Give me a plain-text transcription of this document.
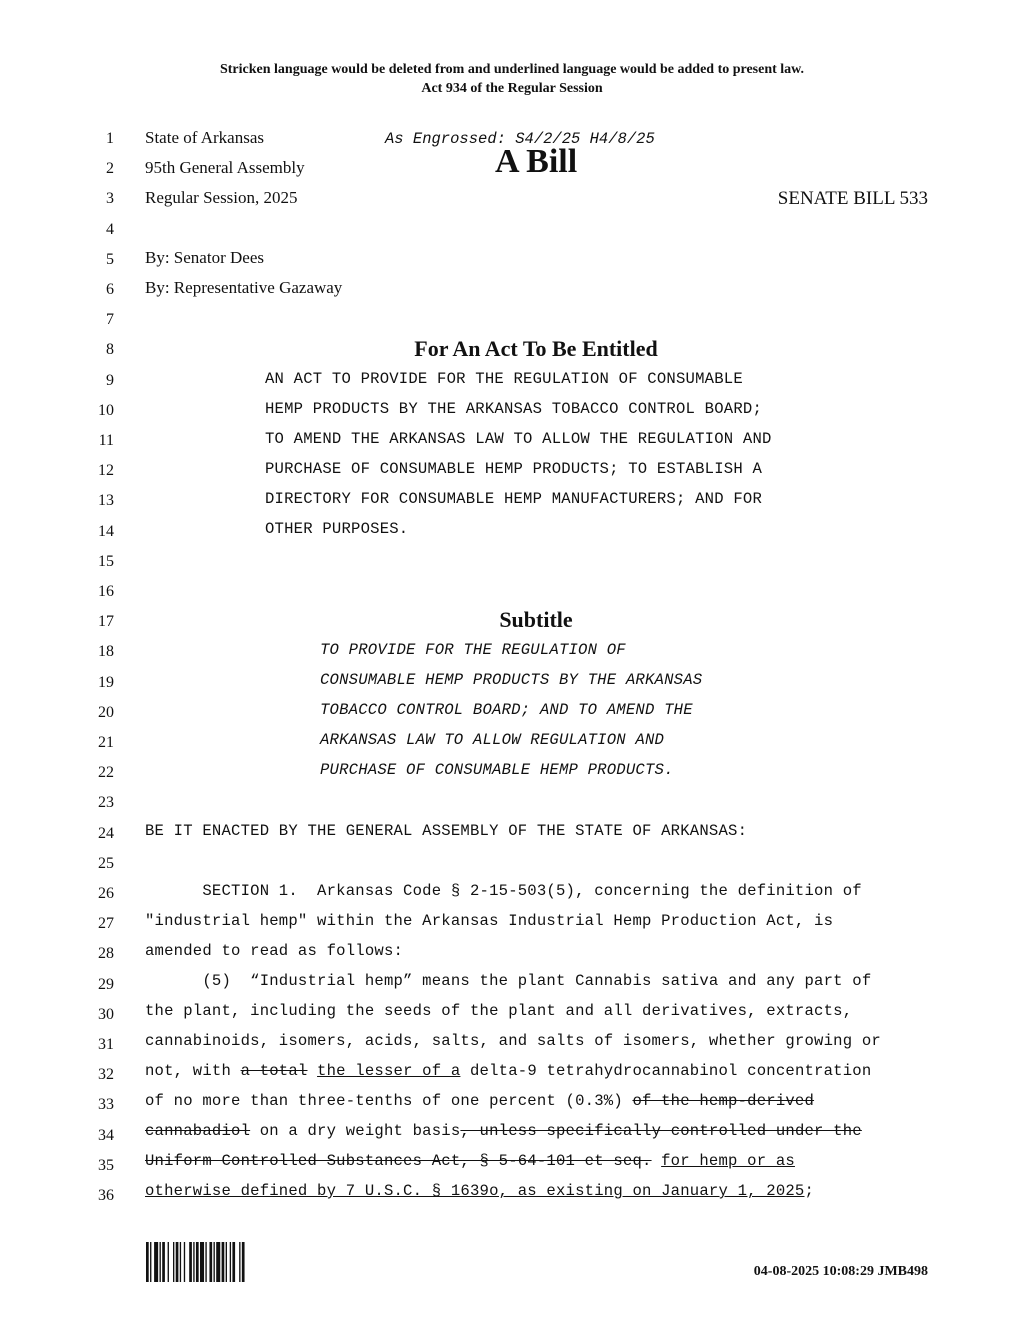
Stricken language would be deleted from and underlined language would be added to present law.
Act 934 of the Regular Session
1
2
3
4
5
6
7
8
9
10
11
12
13
14
15
16
17
18
19
20
21
22
23
24
25
26
27
28
29
30
31
32
33
34
35
36
State of Arkansas	As Engrossed: S4/2/25 H4/8/25
A Bill
95th General Assembly
Regular Session, 2025	SENATE BILL 533
By: Senator Dees
By: Representative Gazaway
For An Act To Be Entitled
AN ACT TO PROVIDE FOR THE REGULATION OF CONSUMABLE
HEMP PRODUCTS BY THE ARKANSAS TOBACCO CONTROL BOARD;
TO AMEND THE ARKANSAS LAW TO ALLOW THE REGULATION AND
PURCHASE OF CONSUMABLE HEMP PRODUCTS; TO ESTABLISH A
DIRECTORY FOR CONSUMABLE HEMP MANUFACTURERS; AND FOR
OTHER PURPOSES.
Subtitle
TO PROVIDE FOR THE REGULATION OF
CONSUMABLE HEMP PRODUCTS BY THE ARKANSAS
TOBACCO CONTROL BOARD; AND TO AMEND THE
ARKANSAS LAW TO ALLOW REGULATION AND
PURCHASE OF CONSUMABLE HEMP PRODUCTS.
BE IT ENACTED BY THE GENERAL ASSEMBLY OF THE STATE OF ARKANSAS:
SECTION 1.  Arkansas Code § 2-15-503(5), concerning the definition of
"industrial hemp" within the Arkansas Industrial Hemp Production Act, is
amended to read as follows:
(5)  “Industrial hemp” means the plant Cannabis sativa and any part of
the plant, including the seeds of the plant and all derivatives, extracts,
cannabinoids, isomers, acids, salts, and salts of isomers, whether growing or
not, with a total the lesser of a delta-9 tetrahydrocannabinol concentration
of no more than three-tenths of one percent (0.3%) of the hemp-derived
cannabadiol on a dry weight basis, unless specifically controlled under the
Uniform Controlled Substances Act, § 5-64-101 et seq. for hemp or as
otherwise defined by 7 U.S.C. § 1639o, as existing on January 1, 2025;
04-08-2025 10:08:29 JMB498
